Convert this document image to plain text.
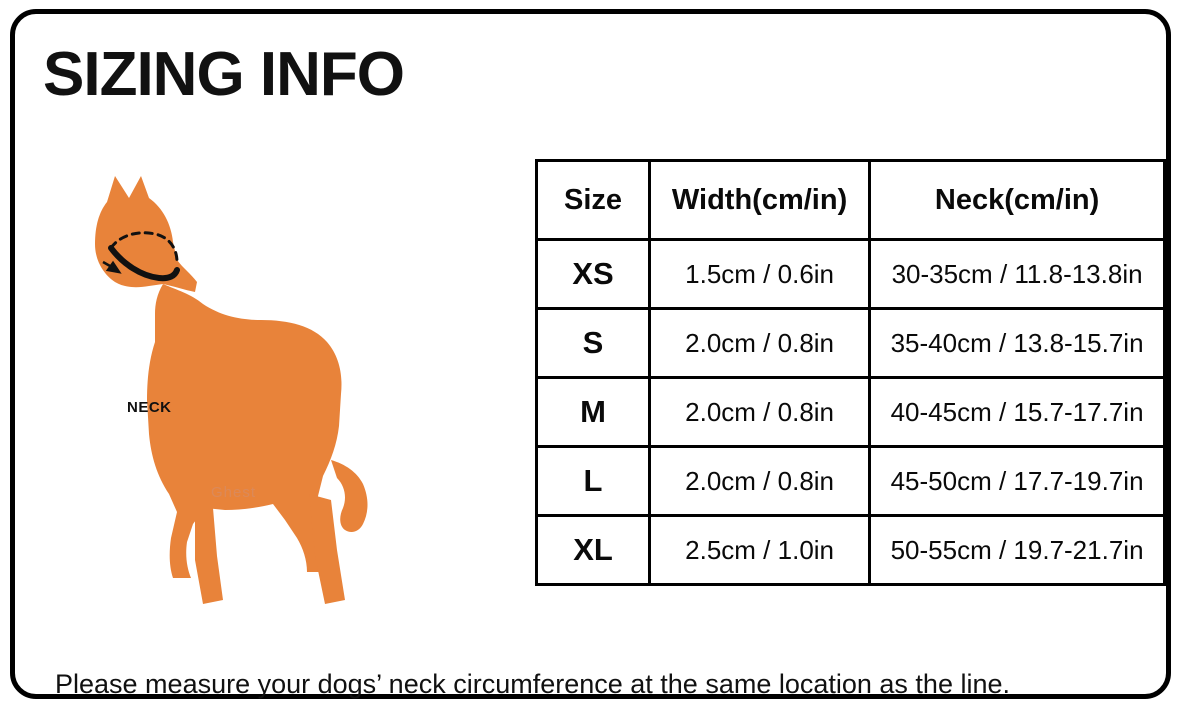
SIZING INFO
NECK
Ghest
Size	Width(cm/in)	Neck(cm/in)
XS	1.5cm / 0.6in	30-35cm / 11.8-13.8in
S	2.0cm / 0.8in	35-40cm / 13.8-15.7in
M	2.0cm / 0.8in	40-45cm / 15.7-17.7in
L	2.0cm / 0.8in	45-50cm / 17.7-19.7in
XL	2.5cm / 1.0in	50-55cm / 19.7-21.7in
Please measure your dogs’ neck circumference at the same location as the line.
